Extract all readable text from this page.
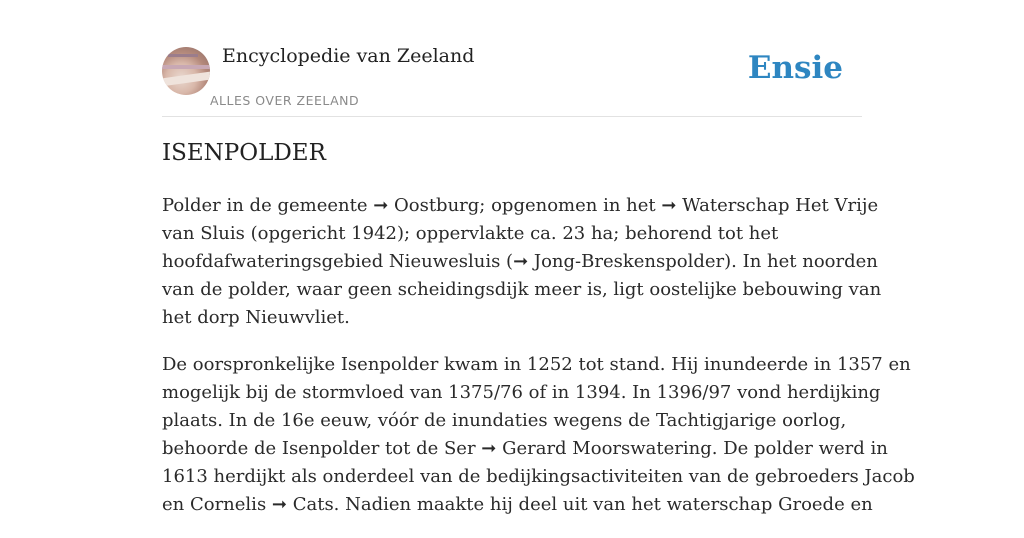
Encyclopedie van Zeeland
ALLES OVER ZEELAND
Ensie
ISENPOLDER

Polder in de gemeente ➞ Oostburg; opgenomen in het ➞ Waterschap Het Vrije
van Sluis (opgericht 1942); oppervlakte ca. 23 ha; behorend tot het
hoofdafwateringsgebied Nieuwesluis (➞ Jong-Breskenspolder). In het noorden
van de polder, waar geen scheidingsdijk meer is, ligt oostelijke bebouwing van
het dorp Nieuwvliet.

De oorspronkelijke Isenpolder kwam in 1252 tot stand. Hij inundeerde in 1357 en
mogelijk bij de stormvloed van 1375/76 of in 1394. In 1396/97 vond herdijking
plaats. In de 16e eeuw, vóór de inundaties wegens de Tachtigjarige oorlog,
behoorde de Isenpolder tot de Ser ➞ Gerard Moorswatering. De polder werd in
1613 herdijkt als onderdeel van de bedijkingsactiviteiten van de gebroeders Jacob
en Cornelis ➞ Cats. Nadien maakte hij deel uit van het waterschap Groede en
